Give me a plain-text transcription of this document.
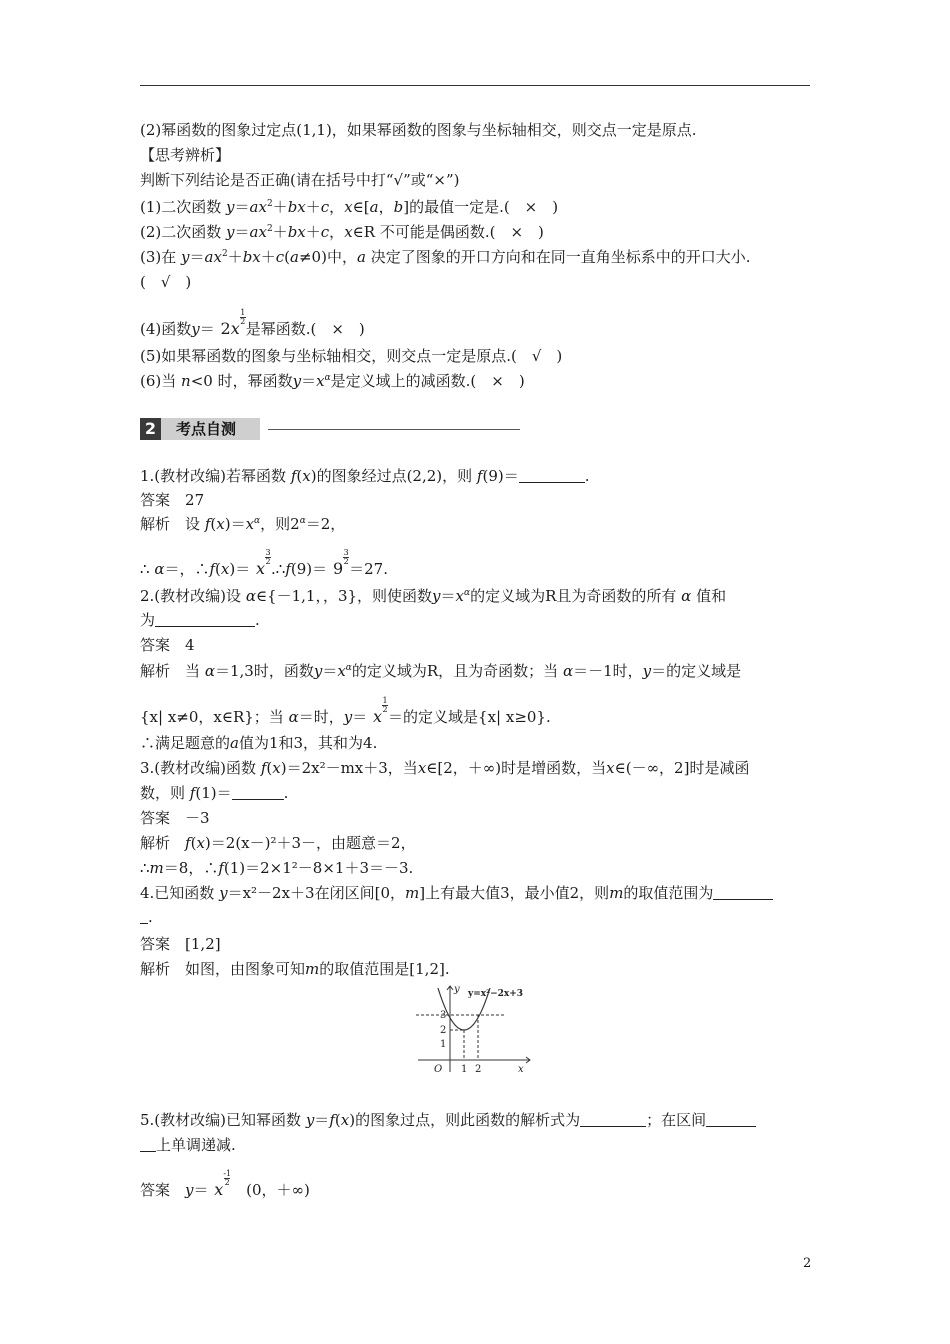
(2)幂函数的图象过定点(1,1)，如果幂函数的图象与坐标轴相交，则交点一定是原点.
【思考辨析】
判断下列结论是否正确(请在括号中打“√”或“×”)
(1)二次函数 $y=ax^2+bx+c$，x∈[a，b]的最值一定是.(　×　)
(2)二次函数 $y=ax^2+bx+c$，x∈R 不可能是偶函数.(　×　)
(3)在 $y=ax^2+bx+c(a\ne 0)$中，a 决定了图象的开口方向和在同一直角坐标系中的开口大小.
(　√　)
(4)函数y＝ 2x
$\frac{1}{2}$
是幂函数.(　×　)
(5)如果幂函数的图象与坐标轴相交，则交点一定是原点.(　√　)
(6)当 n<0 时，幂函数$y=x^\alpha$是定义域上的减函数.(　×　)
2	考点自测
1.(教材改编)若幂函数 f(x)的图象经过点(2,2)，则 f(9)＝	.
答案　 27
解析　 设 $f(x)=x^\alpha$，则$2^\alpha=2$，
∴ α＝，∴f(x)＝ x
$\frac{3}{2}$
.∴f(9)＝ 9
$\frac{3}{2}$
＝27.
2.(教材改编)设 α∈{－1,1，，3}，则使函数$y=x^\alpha$的定义域为R且为奇函数的所有 α 值和
为	.
答案　 4
解析　 当 α＝1,3时，函数$y=x^\alpha$的定义域为R，且为奇函数；当 α＝－1时，y＝的定义域是
{x| x≠0，x∈R}；当 α＝时，y＝ x
$\frac{1}{2}$
＝的定义域是{x| x≥0}.
∴满足题意的a值为1和3，其和为4.
3.(教材改编)函数 f(x)＝2x²－mx＋3，当x∈[2，＋∞)时是增函数，当x∈(－∞，2]时是减函
数，则 f(1)＝	.
答案　 －3
解析　 f(x)＝2(x－)²＋3－，由题意＝2，
∴m＝8，∴f(1)＝2×1²－8×1＋3＝－3.
4.已知函数 y＝x²－2x＋3在闭区间[0，m]上有最大值3，最小值2，则m的取值范围为
.
答案　 [1,2]
解析　 如图，由图象可知m的取值范围是[1,2].
y y=x²−2x+3
3
2
1
O 1 2	x
5.(教材改编)已知幂函数 y＝f(x)的图象过点，则此函数的解析式为	；在区间
上单调递减.
答案　 y＝ x
$\frac{-1}{2}$
　(0，＋∞)
2
